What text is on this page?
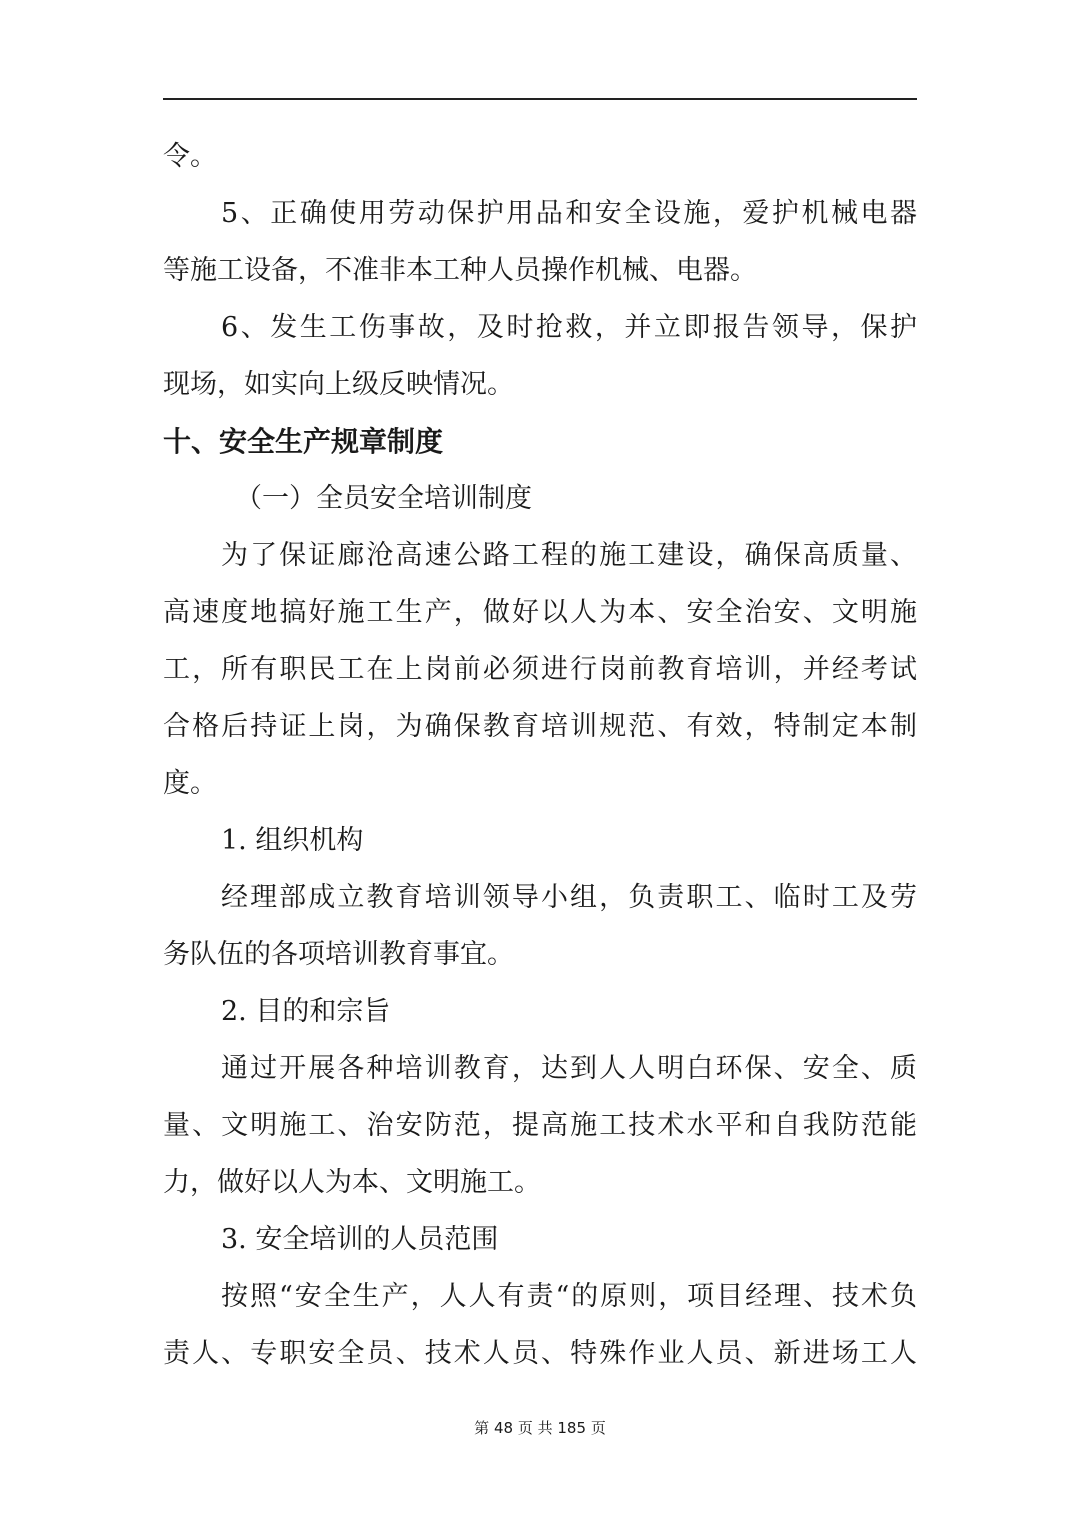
令。
5、正确使用劳动保护用品和安全设施，爱护机械电器
等施工设备，不准非本工种人员操作机械、电器。
6、发生工伤事故，及时抢救，并立即报告领导，保护
现场，如实向上级反映情况。
十、安全生产规章制度
（一）全员安全培训制度
为了保证廊沧高速公路工程的施工建设，确保高质量、
高速度地搞好施工生产，做好以人为本、安全治安、文明施
工，所有职民工在上岗前必须进行岗前教育培训，并经考试
合格后持证上岗，为确保教育培训规范、有效，特制定本制
度。
1. 组织机构
经理部成立教育培训领导小组，负责职工、临时工及劳
务队伍的各项培训教育事宜。
2. 目的和宗旨
通过开展各种培训教育，达到人人明白环保、安全、质
量、文明施工、治安防范，提高施工技术水平和自我防范能
力，做好以人为本、文明施工。
3. 安全培训的人员范围
按照“安全生产，人人有责“的原则，项目经理、技术负
责人、专职安全员、技术人员、特殊作业人员、新进场工人
第 48 页 共 185 页
